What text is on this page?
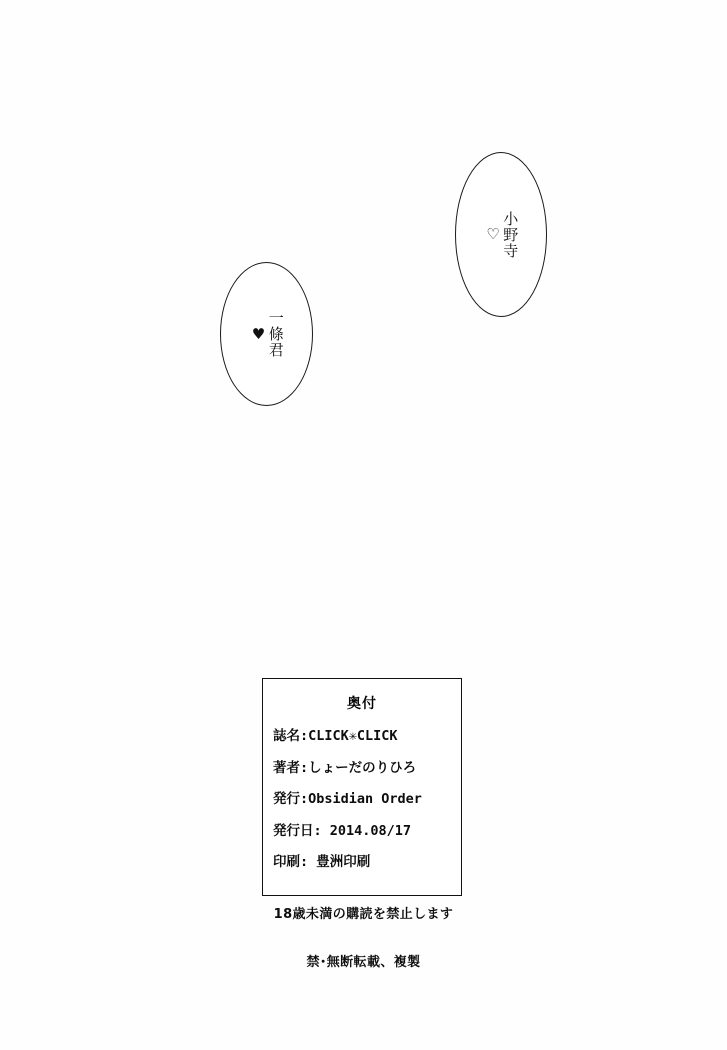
小野寺
♡
一條君
♥
奥付
誌名:CLICK✳CLICK
著者:しょーだのりひろ
発行:Obsidian Order
発行日: 2014.08/17
印刷: 豊洲印刷
18歳未満の購読を禁止します
禁･無断転載、複製
